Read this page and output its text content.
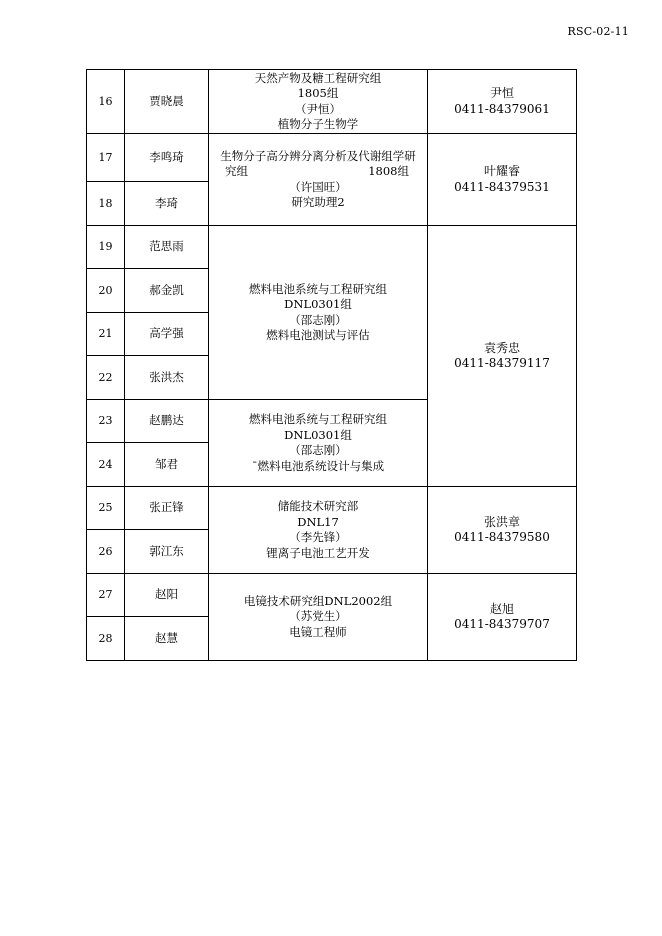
RSC-02-11
16	贾晓晨	天然产物及糖工程研究组
1805组
（尹恒）
植物分子生物学	尹恒
0411-84379061

17	李鸣琦	生物分子高分辨分离分析及代谢组学研
究组 1808组
（许国旺）
研究助理2	叶耀睿
0411-84379531

18	李琦		
19	范思雨	燃料电池系统与工程研究组
DNL0301组
（邵志刚）
燃料电池测试与评估	袁秀忠
0411-84379117

20	郝金凯		
21	高学强		
22	张洪杰		
23	赵鹏达	燃料电池系统与工程研究组
DNL0301组
（邵志刚）
ˉ燃料电池系统设计与集成	

24	邹君		
25	张正锋	储能技术研究部
DNL17
（李先锋）
锂离子电池工艺开发	张洪章
0411-84379580

26	郭江东		
27	赵阳	电镜技术研究组DNL2002组
（苏党生）
电镜工程师	赵旭
0411-84379707

28	赵慧		
